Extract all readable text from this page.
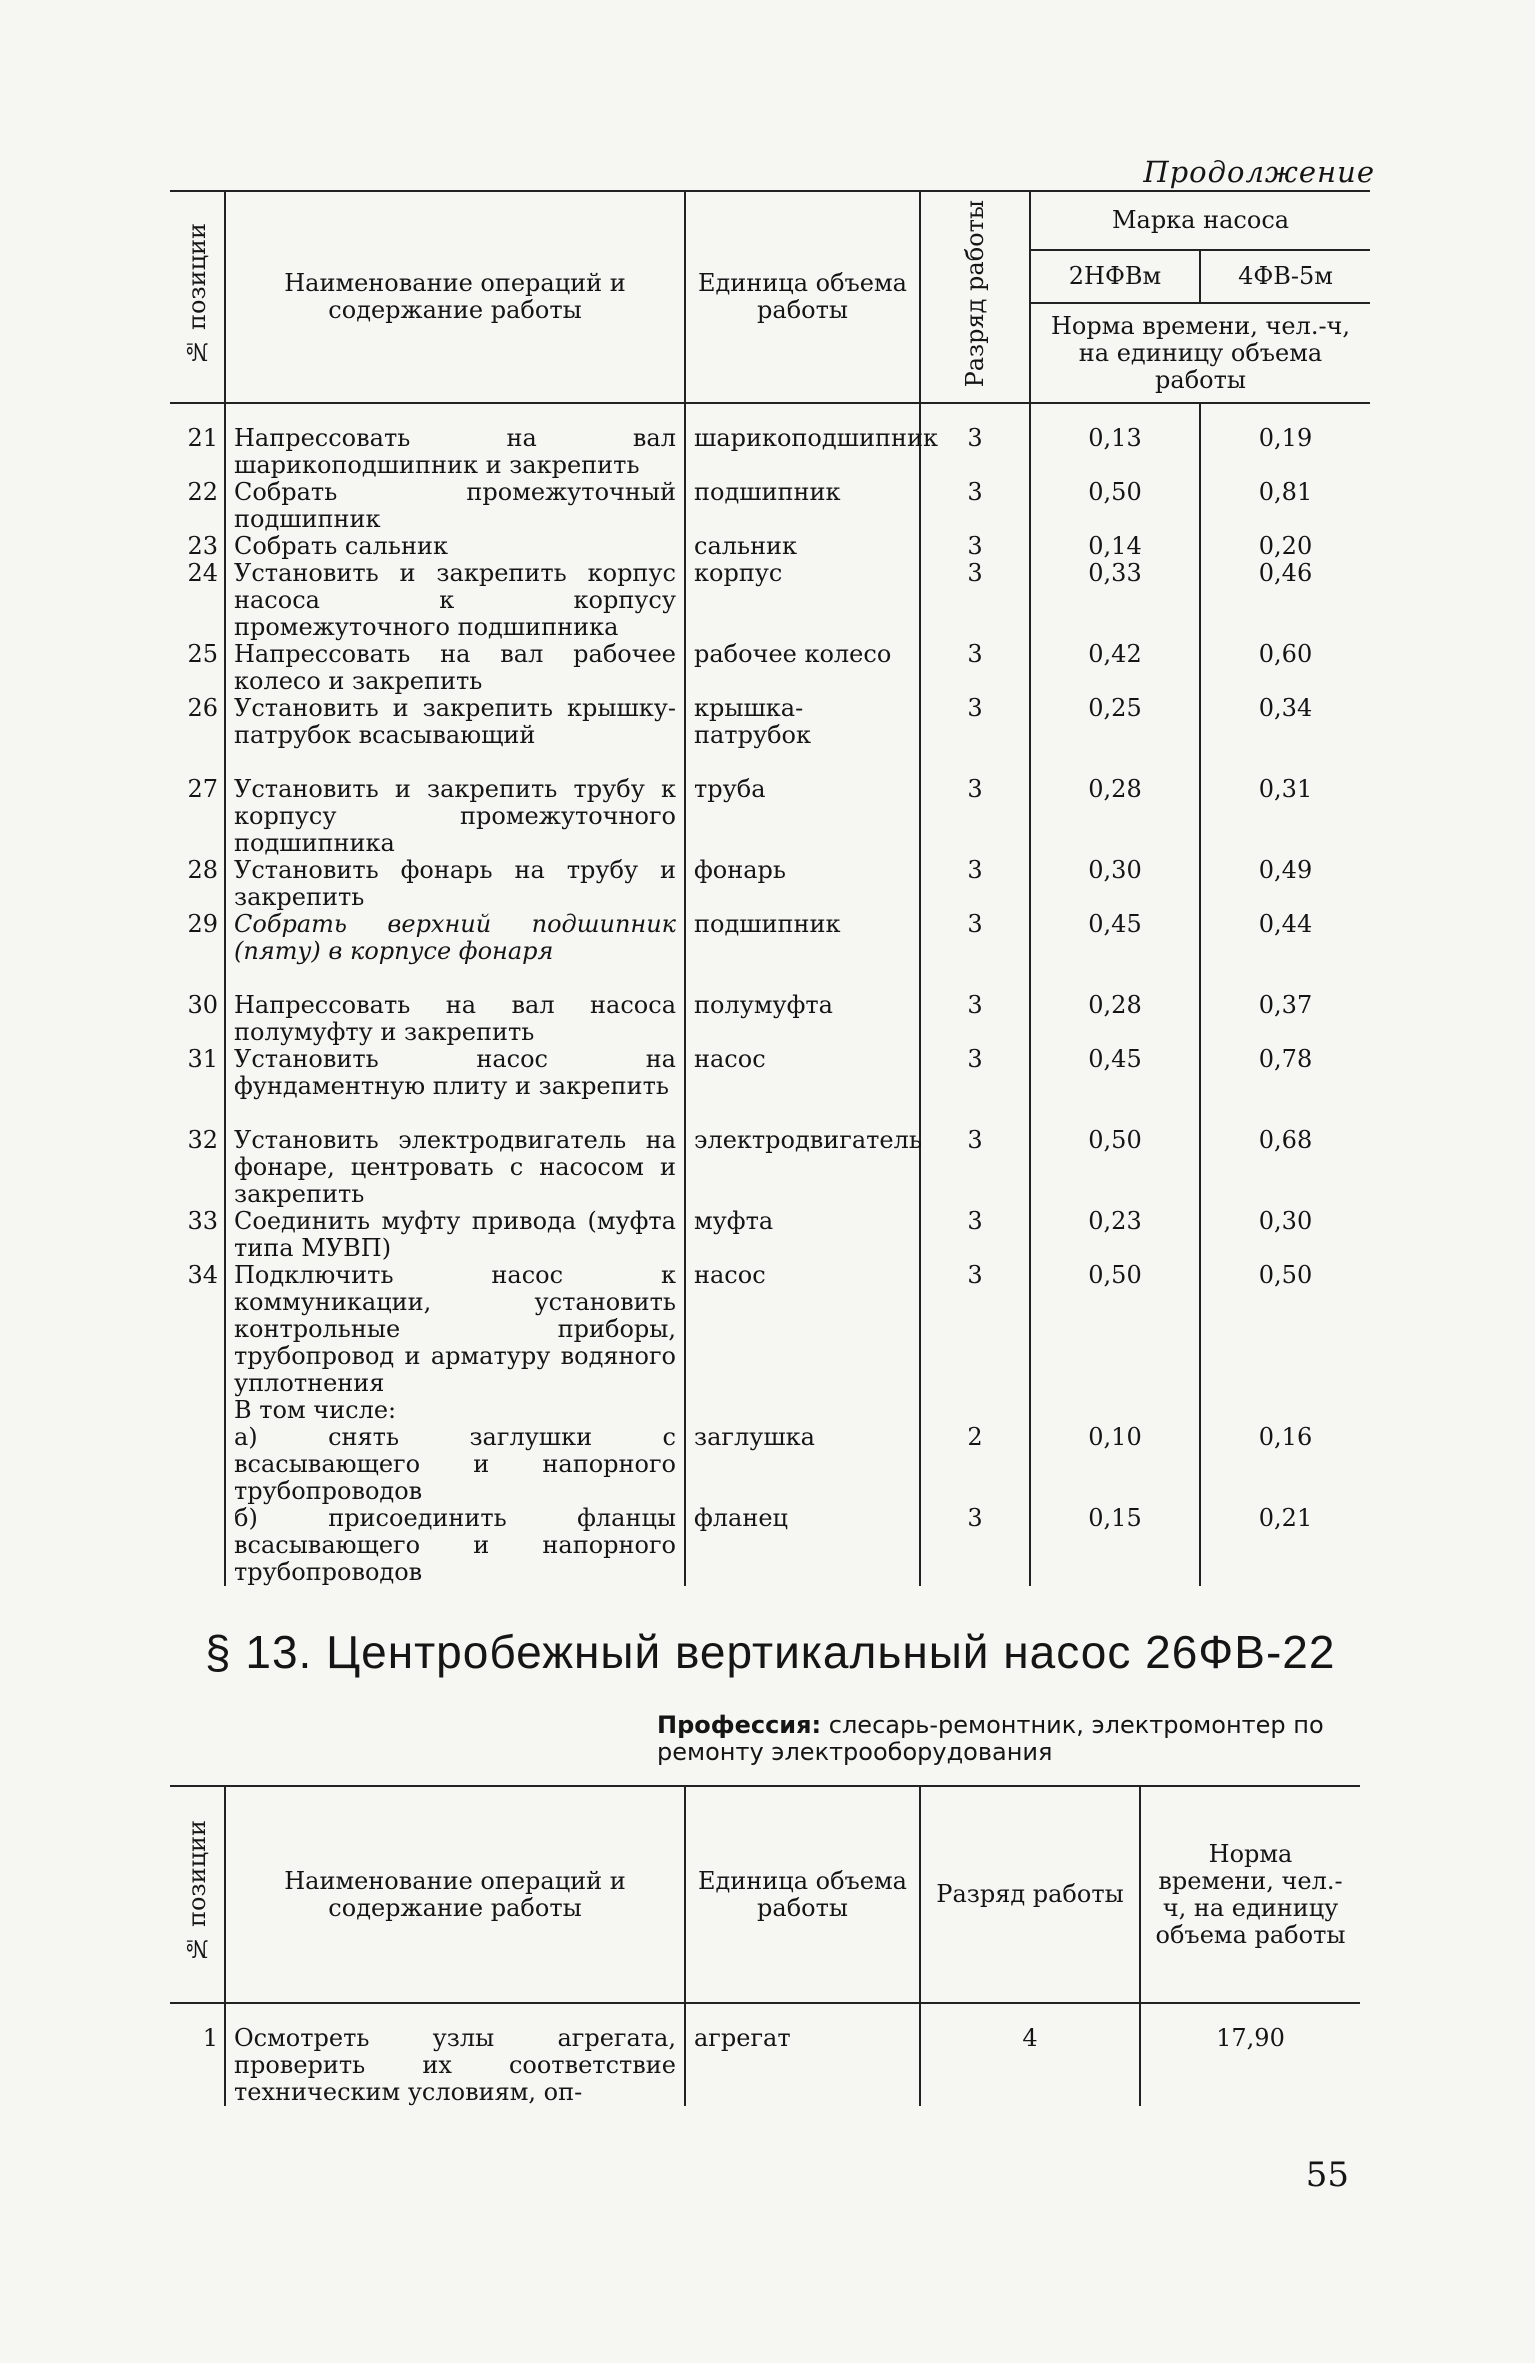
Продолжение
№ позиции	Наименование операций и содержание работы	Единица объема работы	Разряд работы	Марка насоса	
				2НФВм	4ФВ-5м
				Норма времени, чел.-ч, на единицу объема работы	

21	Напрессовать на вал шарикоподшипник и закрепить	шарикоподшипник	3	0,13	0,19
22	Собрать промежуточный подшипник	подшипник	3	0,50	0,81
23	Собрать сальник	сальник	3	0,14	0,20
24	Установить и закрепить корпус насоса к корпусу промежуточного подшипника	корпус	3	0,33	0,46
25	Напрессовать на вал рабочее колесо и закрепить	рабочее колесо	3	0,42	0,60
26	Установить и закрепить крышку-патрубок всасывающий	крышка-патрубок	3	0,25	0,34
27	Установить и закрепить трубу к корпусу промежуточного подшипника	труба	3	0,28	0,31
28	Установить фонарь на трубу и закрепить	фонарь	3	0,30	0,49
29	Собрать верхний подшипник (пяту) в корпусе фонаря	подшипник	3	0,45	0,44
30	Напрессовать на вал насоса полумуфту и закрепить	полумуфта	3	0,28	0,37
31	Установить насос на фундаментную плиту и закрепить	насос	3	0,45	0,78
32	Установить электродвигатель на фонаре, центровать с насосом и закрепить	электродвигатель	3	0,50	0,68
33	Соединить муфту привода (муфта типа МУВП)	муфта	3	0,23	0,30
34	Подключить насос к коммуникации, установить контрольные приборы, трубопровод и арматуру водяного уплотнения	насос	3	0,50	0,50
	В том числе:				
	а) снять заглушки с всасывающего и напорного трубопроводов	заглушка	2	0,10	0,16
	б) присоединить фланцы всасывающего и напорного трубопроводов	фланец	3	0,15	0,21
§ 13. Центробежный вертикальный насос 26ФВ-22
Профессия: слесарь-ремонтник, электромонтер по ремонту электрооборудования
№ позиции	Наименование операций и содержание работы	Единица объема работы	Разряд работы	Норма времени, чел.-ч, на единицу объема работы

1	Осмотреть узлы агрегата, проверить их соответствие техническим условиям, оп-	агрегат	4	17,90
55
